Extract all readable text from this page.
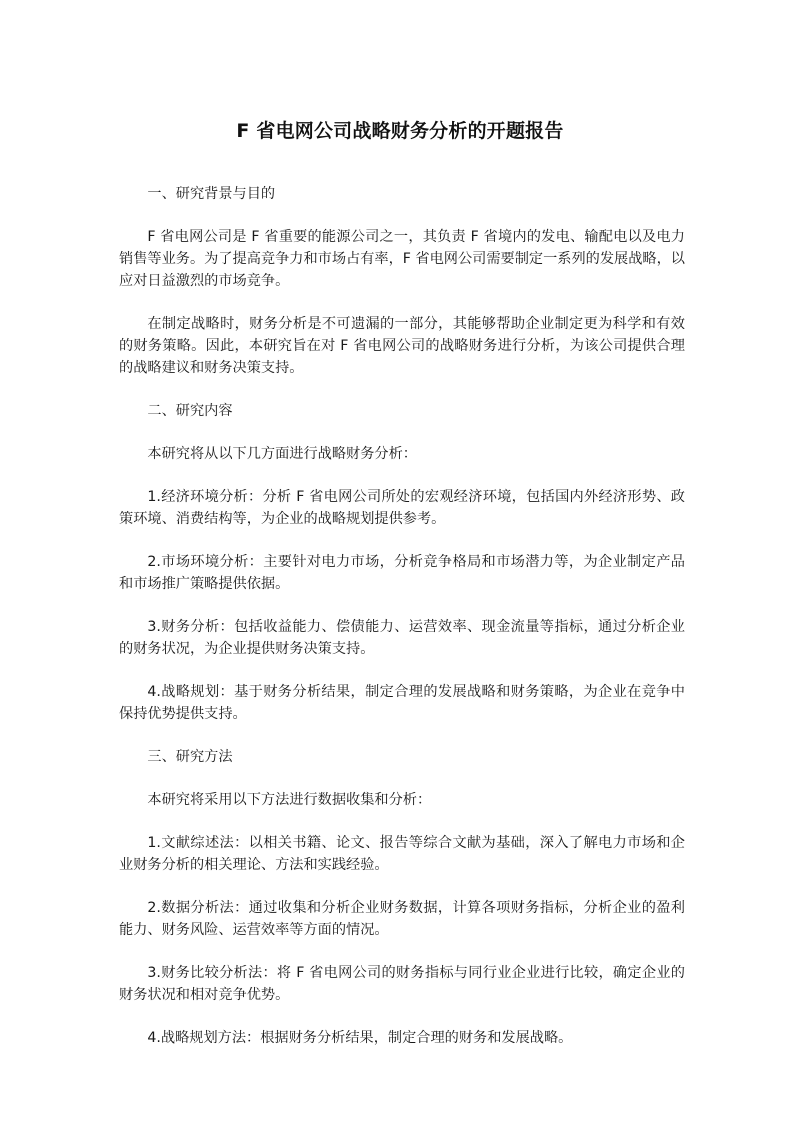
F 省电网公司战略财务分析的开题报告
一、研究背景与目的

F 省电网公司是 F 省重要的能源公司之一，其负责 F 省境内的发电、输配电以及电力销售等业务。为了提高竞争力和市场占有率，F 省电网公司需要制定一系列的发展战略，以应对日益激烈的市场竞争。

在制定战略时，财务分析是不可遗漏的一部分，其能够帮助企业制定更为科学和有效的财务策略。因此，本研究旨在对 F 省电网公司的战略财务进行分析，为该公司提供合理的战略建议和财务决策支持。

二、研究内容

本研究将从以下几方面进行战略财务分析：

1.经济环境分析：分析 F 省电网公司所处的宏观经济环境，包括国内外经济形势、政策环境、消费结构等，为企业的战略规划提供参考。

2.市场环境分析：主要针对电力市场，分析竞争格局和市场潜力等，为企业制定产品和市场推广策略提供依据。

3.财务分析：包括收益能力、偿债能力、运营效率、现金流量等指标，通过分析企业的财务状况，为企业提供财务决策支持。

4.战略规划：基于财务分析结果，制定合理的发展战略和财务策略，为企业在竞争中保持优势提供支持。

三、研究方法

本研究将采用以下方法进行数据收集和分析：

1.文献综述法：以相关书籍、论文、报告等综合文献为基础，深入了解电力市场和企业财务分析的相关理论、方法和实践经验。

2.数据分析法：通过收集和分析企业财务数据，计算各项财务指标，分析企业的盈利能力、财务风险、运营效率等方面的情况。

3.财务比较分析法：将 F 省电网公司的财务指标与同行业企业进行比较，确定企业的财务状况和相对竞争优势。

4.战略规划方法：根据财务分析结果，制定合理的财务和发展战略。
